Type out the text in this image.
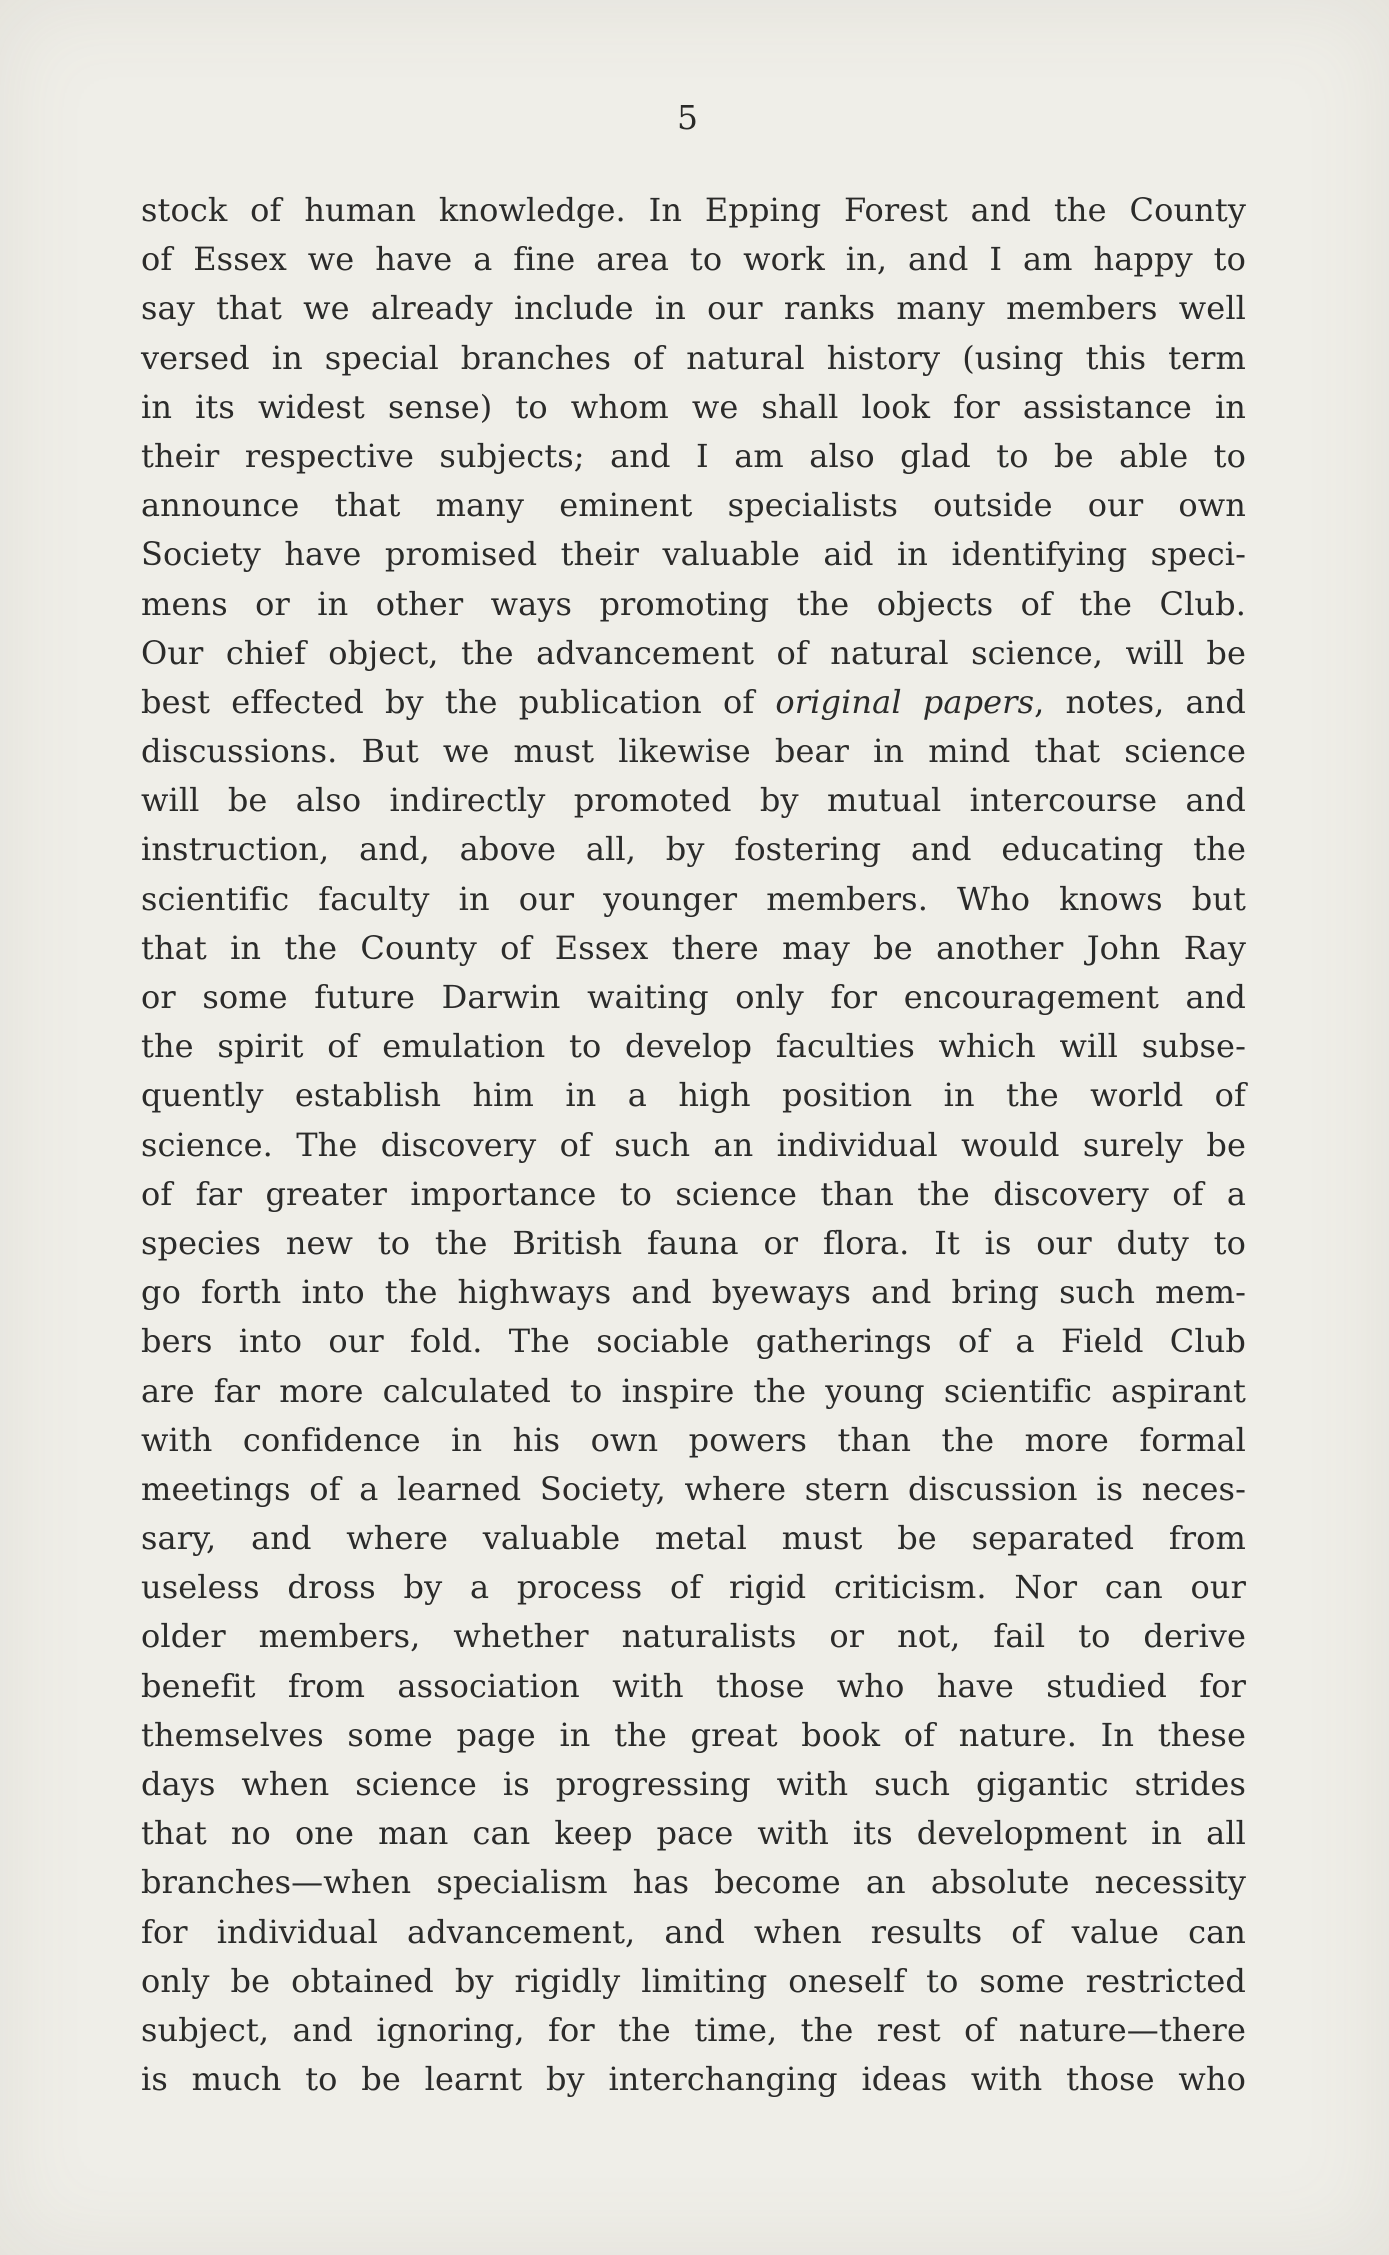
5
stock of human knowledge. In Epping Forest and the County
of Essex we have a fine area to work in, and I am happy to
say that we already include in our ranks many members well
versed in special branches of natural history (using this term
in its widest sense) to whom we shall look for assistance in
their respective subjects; and I am also glad to be able to
announce that many eminent specialists outside our own
Society have promised their valuable aid in identifying speci-
mens or in other ways promoting the objects of the Club.
Our chief object, the advancement of natural science, will be
best effected by the publication of original papers, notes, and
discussions. But we must likewise bear in mind that science
will be also indirectly promoted by mutual intercourse and
instruction, and, above all, by fostering and educating the
scientific faculty in our younger members. Who knows but
that in the County of Essex there may be another John Ray
or some future Darwin waiting only for encouragement and
the spirit of emulation to develop faculties which will subse-
quently establish him in a high position in the world of
science. The discovery of such an individual would surely be
of far greater importance to science than the discovery of a
species new to the British fauna or flora. It is our duty to
go forth into the highways and byeways and bring such mem-
bers into our fold. The sociable gatherings of a Field Club
are far more calculated to inspire the young scientific aspirant
with confidence in his own powers than the more formal
meetings of a learned Society, where stern discussion is neces-
sary, and where valuable metal must be separated from
useless dross by a process of rigid criticism. Nor can our
older members, whether naturalists or not, fail to derive
benefit from association with those who have studied for
themselves some page in the great book of nature. In these
days when science is progressing with such gigantic strides
that no one man can keep pace with its development in all
branches—when specialism has become an absolute necessity
for individual advancement, and when results of value can
only be obtained by rigidly limiting oneself to some restricted
subject, and ignoring, for the time, the rest of nature—there
is much to be learnt by interchanging ideas with those who
